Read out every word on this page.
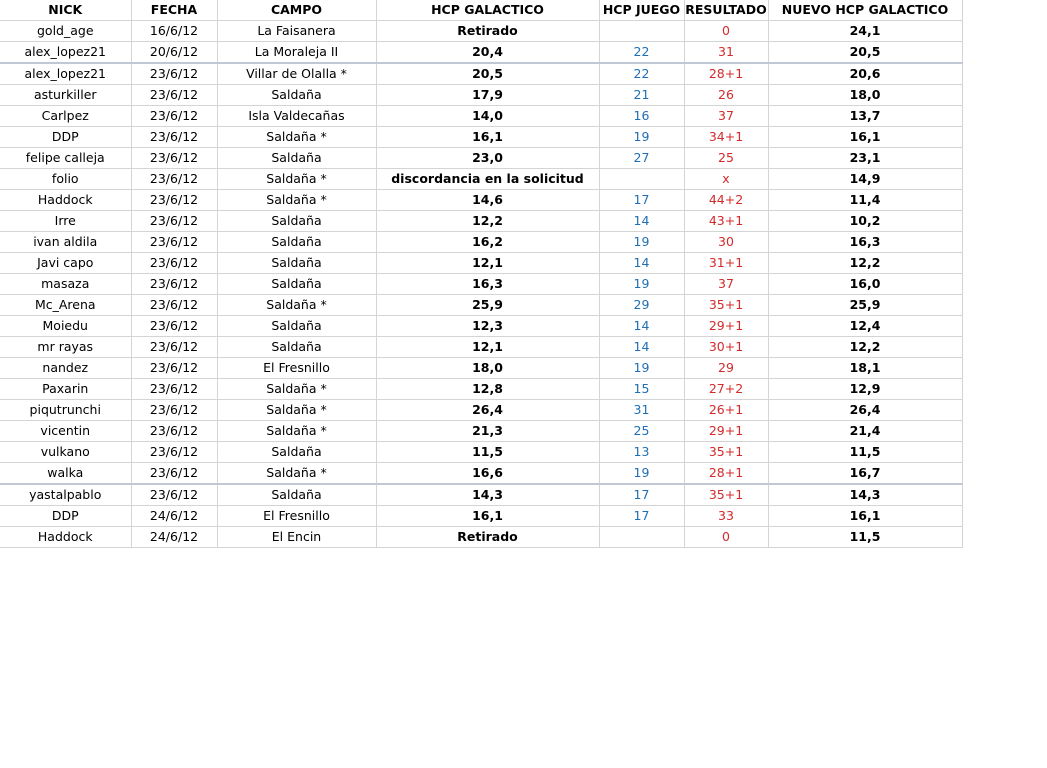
NICK	FECHA	CAMPO	HCP GALACTICO	HCP JUEGO	RESULTADO	NUEVO HCP GALACTICO
gold_age	16/6/12	La Faisanera	Retirado		0	24,1
alex_lopez21	20/6/12	La Moraleja II	20,4	22	31	20,5
alex_lopez21	23/6/12	Villar de Olalla *	20,5	22	28+1	20,6
asturkiller	23/6/12	Saldaña	17,9	21	26	18,0
Carlpez	23/6/12	Isla Valdecañas	14,0	16	37	13,7
DDP	23/6/12	Saldaña *	16,1	19	34+1	16,1
felipe calleja	23/6/12	Saldaña	23,0	27	25	23,1
folio	23/6/12	Saldaña *	discordancia en la solicitud		x	14,9
Haddock	23/6/12	Saldaña *	14,6	17	44+2	11,4
Irre	23/6/12	Saldaña	12,2	14	43+1	10,2
ivan aldila	23/6/12	Saldaña	16,2	19	30	16,3
Javi capo	23/6/12	Saldaña	12,1	14	31+1	12,2
masaza	23/6/12	Saldaña	16,3	19	37	16,0
Mc_Arena	23/6/12	Saldaña *	25,9	29	35+1	25,9
Moiedu	23/6/12	Saldaña	12,3	14	29+1	12,4
mr rayas	23/6/12	Saldaña	12,1	14	30+1	12,2
nandez	23/6/12	El Fresnillo	18,0	19	29	18,1
Paxarin	23/6/12	Saldaña *	12,8	15	27+2	12,9
piqutrunchi	23/6/12	Saldaña *	26,4	31	26+1	26,4
vicentin	23/6/12	Saldaña *	21,3	25	29+1	21,4
vulkano	23/6/12	Saldaña	11,5	13	35+1	11,5
walka	23/6/12	Saldaña *	16,6	19	28+1	16,7
yastalpablo	23/6/12	Saldaña	14,3	17	35+1	14,3
DDP	24/6/12	El Fresnillo	16,1	17	33	16,1
Haddock	24/6/12	El Encin	Retirado		0	11,5
